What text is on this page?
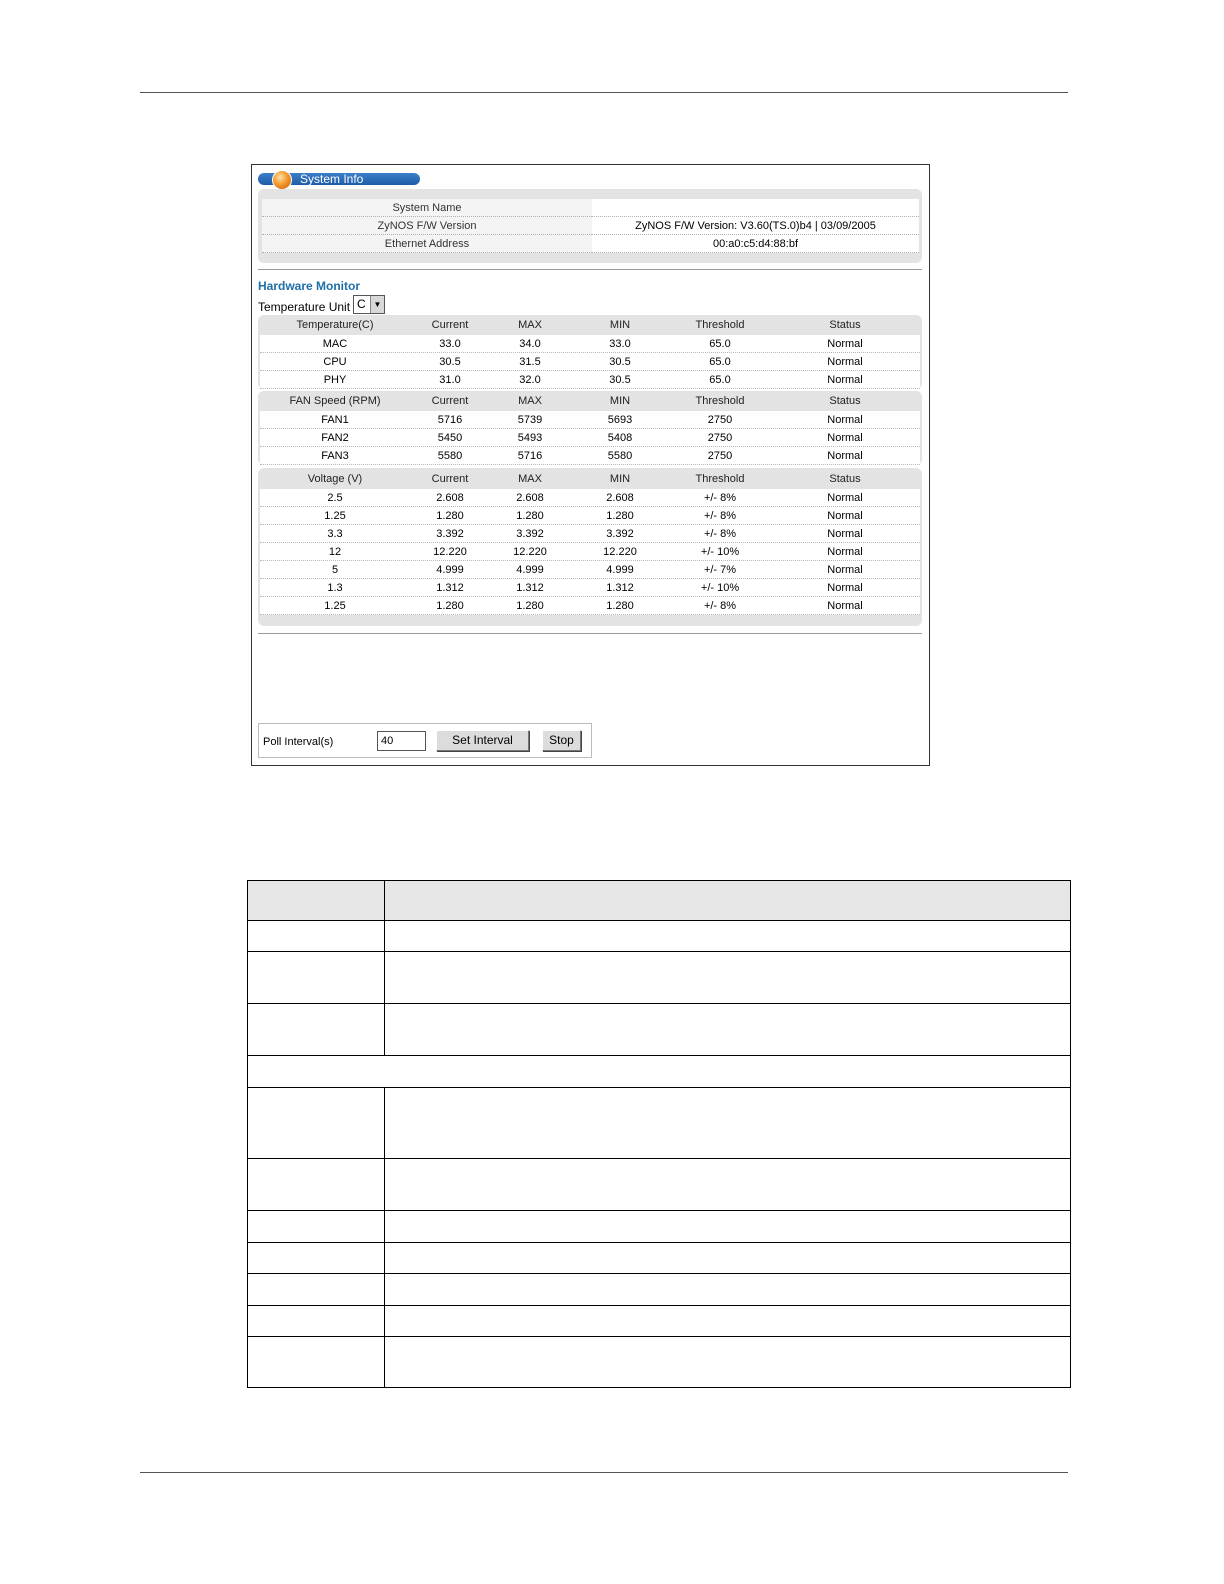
System Info
System Name
ZyNOS F/W Version	ZyNOS F/W Version: V3.60(TS.0)b4 | 03/09/2005
Ethernet Address	00:a0:c5:d4:88:bf
Hardware Monitor
Temperature Unit C ▼
Temperature(C)	Current	MAX	MIN	Threshold	Status
MAC	33.0	34.0	33.0	65.0	Normal
CPU	30.5	31.5	30.5	65.0	Normal
PHY	31.0	32.0	30.5	65.0	Normal
FAN Speed (RPM)	Current	MAX	MIN	Threshold	Status
FAN1	5716	5739	5693	2750	Normal
FAN2	5450	5493	5408	2750	Normal
FAN3	5580	5716	5580	2750	Normal
Voltage (V)	Current	MAX	MIN	Threshold	Status
2.5	2.608	2.608	2.608	+/- 8%	Normal
1.25	1.280	1.280	1.280	+/- 8%	Normal
3.3	3.392	3.392	3.392	+/- 8%	Normal
12	12.220	12.220	12.220	+/- 10%	Normal
5	4.999	4.999	4.999	+/- 7%	Normal
1.3	1.312	1.312	1.312	+/- 10%	Normal
1.25	1.280	1.280	1.280	+/- 8%	Normal
Poll Interval(s)
40	Set Interval	Stop
